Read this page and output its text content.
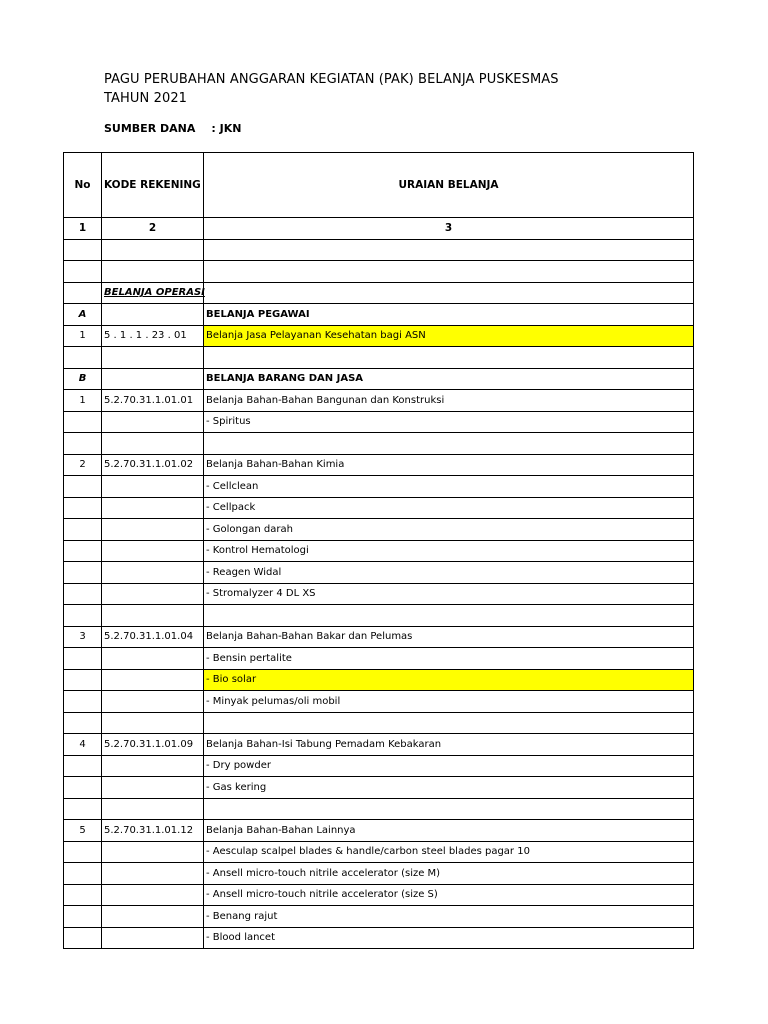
PAGU PERUBAHAN ANGGARAN KEGIATAN (PAK) BELANJA PUSKESMAS
TAHUN 2021
SUMBER DANA : JKN
No	KODE REKENING	URAIAN BELANJA
1	2	3

	BELANJA OPERASI	
A		BELANJA PEGAWAI
1	5 . 1 . 1 . 23 . 01	Belanja Jasa Pelayanan Kesehatan bagi ASN

B		BELANJA BARANG DAN JASA
1	5.2.70.31.1.01.01	Belanja Bahan-Bahan Bangunan dan Konstruksi
		- Spiritus

2	5.2.70.31.1.01.02	Belanja Bahan-Bahan Kimia
		- Cellclean
		- Cellpack
		- Golongan darah
		- Kontrol Hematologi
		- Reagen Widal
		- Stromalyzer 4 DL XS

3	5.2.70.31.1.01.04	Belanja Bahan-Bahan Bakar dan Pelumas
		- Bensin pertalite
		- Bio solar
		- Minyak pelumas/oli mobil

4	5.2.70.31.1.01.09	Belanja Bahan-Isi Tabung Pemadam Kebakaran
		- Dry powder
		- Gas kering

5	5.2.70.31.1.01.12	Belanja Bahan-Bahan Lainnya
		- Aesculap scalpel blades & handle/carbon steel blades pagar 10
		- Ansell micro-touch nitrile accelerator (size M)
		- Ansell micro-touch nitrile accelerator (size S)
		- Benang rajut
		- Blood lancet
